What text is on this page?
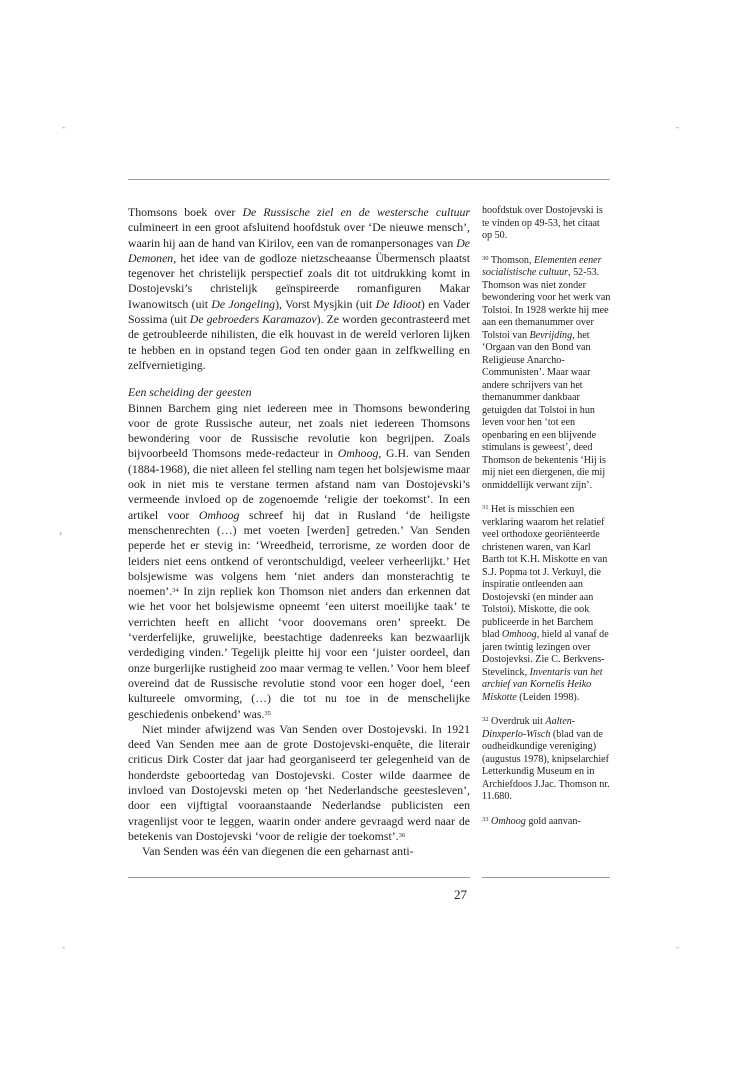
-	-
-	-
›

Thomsons boek over De Russische ziel en de westersche cultuur culmineert in een groot afsluitend hoofdstuk over ‘De nieuwe mensch’, waarin hij aan de hand van Kirilov, een van de romanpersonages van De Demonen, het idee van de godloze nietzscheaanse Übermensch plaatst tegenover het christelijk perspectief zoals dit tot uitdrukking komt in Dostojevski’s christelijk geïnspireerde romanfiguren Makar Iwanowitsch (uit De Jongeling), Vorst Mysjkin (uit De Idioot) en Vader Sossima (uit De gebroeders Karamazov). Ze worden gecontrasteerd met de getroubleerde nihilisten, die elk houvast in de wereld verloren lijken te hebben en in opstand tegen God ten onder gaan in zelfkwelling en zelfvernietiging.

Een scheiding der geesten

Binnen Barchem ging niet iedereen mee in Thomsons bewondering voor de grote Russische auteur, net zoals niet iedereen Thomsons bewondering voor de Russische revolutie kon begrijpen. Zoals bijvoorbeeld Thomsons mede-redacteur in Omhoog, G.H. van Senden (1884-1968), die niet alleen fel stelling nam tegen het bolsjewisme maar ook in niet mis te verstane termen afstand nam van Dostojevski’s vermeende invloed op de zogenoemde ‘religie der toekomst’. In een artikel voor Omhoog schreef hij dat in Rusland ‘de heiligste menschenrechten (…) met voeten [werden] getreden.’ Van Senden peperde het er stevig in: ‘Wreedheid, terrorisme, ze worden door de leiders niet eens ontkend of verontschuldigd, veeleer verheerlijkt.’ Het bolsjewisme was volgens hem ‘niet anders dan monsterachtig te noemen’.$^{34}$ In zijn repliek kon Thomson niet anders dan erkennen dat wie het voor het bolsjewisme opneemt ‘een uiterst moeilijke taak’ te verrichten heeft en allicht ‘voor doovemans oren’ spreekt. De ‘verderfelijke, gruwelijke, beestachtige dadenreeks kan bezwaarlijk verdediging vinden.’ Tegelijk pleitte hij voor een ‘juister oordeel, dan onze burgerlijke rustigheid zoo maar vermag te vellen.’ Voor hem bleef overeind dat de Russische revolutie stond voor een hoger doel, ‘een kultureele omvorming, (…) die tot nu toe in de menschelijke geschiedenis onbekend’ was.$^{35}$

Niet minder afwijzend was Van Senden over Dostojevski. In 1921 deed Van Senden mee aan de grote Dostojevski-enquête, die literair criticus Dirk Coster dat jaar had georganiseerd ter gelegenheid van de honderdste geboortedag van Dostojevski. Coster wilde daarmee de invloed van Dostojevski meten op ‘het Nederlandsche geestesleven’, door een vijftigtal vooraanstaande Nederlandse publicisten een vragenlijst voor te leggen, waarin onder andere gevraagd werd naar de betekenis van Dostojevski ‘voor de religie der toekomst’.$^{36}$

Van Senden was één van diegenen die een geharnast anti-

hoofdstuk over Dostojevski is te vinden op 49-53, het citaat op 50.

$^{30}$ Thomson, Elementen eener socialistische cultuur, 52-53. Thomson was niet zonder bewondering voor het werk van Tolstoi. In 1928 werkte hij mee aan een themanummer over Tolstoi van Bevrijding, het ‘Orgaan van den Bond van Religieuse Anarcho-Communisten’. Maar waar andere schrijvers van het themanummer dankbaar getuigden dat Tolstoi in hun leven voor hen ‘tot een openbaring en een blijvende stimulans is geweest’, deed Thomson de bekentenis ‘Hij is mij niet een diergenen, die mij onmiddellijk verwant zijn’.

$^{31}$ Het is misschien een verklaring waarom het relatief veel orthodoxe georiënteerde christenen waren, van Karl Barth tot K.H. Miskotte en van S.J. Popma tot J. Verkuyl, die inspiratie ontleenden aan Dostojevski (en minder aan Tolstoi). Miskotte, die ook publiceerde in het Barchem blad Omhoog, hield al vanaf de jaren twintig lezingen over Dostojevksi. Zie C. Berkvens-Stevelinck, Inventaris van het archief van Kornelis Heiko Miskotte (Leiden 1998).

$^{32}$ Overdruk uit Aalten-Dinxperlo-Wisch (blad van de oudheidkundige vereniging) (augustus 1978), knipselarchief Letterkundig Museum en in Archiefdoos J.Jac. Thomson nr. 11.680.

$^{33}$ Omhoog gold aanvan-

27
